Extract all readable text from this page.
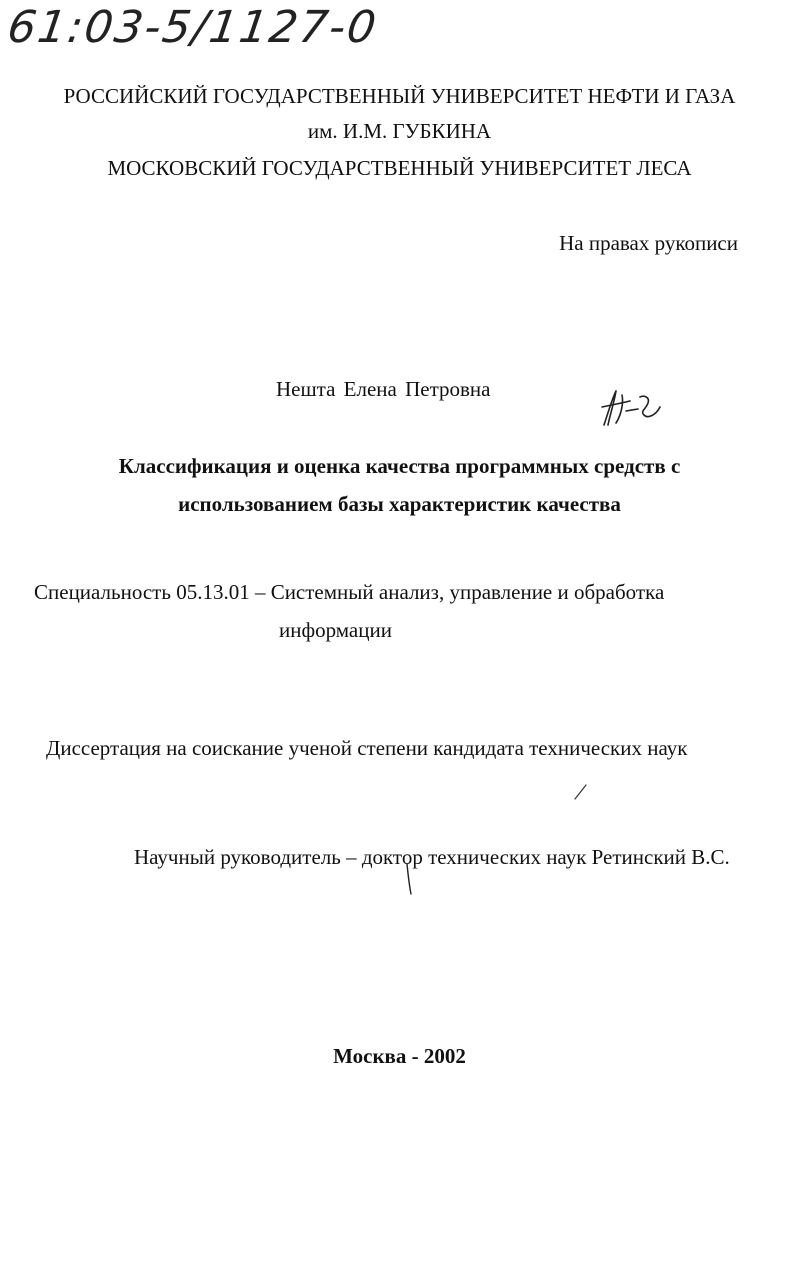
61:03-5/1127-0
РОССИЙСКИЙ ГОСУДАРСТВЕННЫЙ УНИВЕРСИТЕТ НЕФТИ И ГАЗА
им. И.М. ГУБКИНА
МОСКОВСКИЙ ГОСУДАРСТВЕННЫЙ УНИВЕРСИТЕТ ЛЕСА
На правах рукописи
Нешта Елена Петровна
Классификация и оценка качества программных средств с
использованием базы характеристик качества
Специальность 05.13.01 – Системный анализ, управление и обработка
информации
Диссертация на соискание ученой степени кандидата технических наук
Научный руководитель – доктор технических наук Ретинский В.С.
Москва - 2002
